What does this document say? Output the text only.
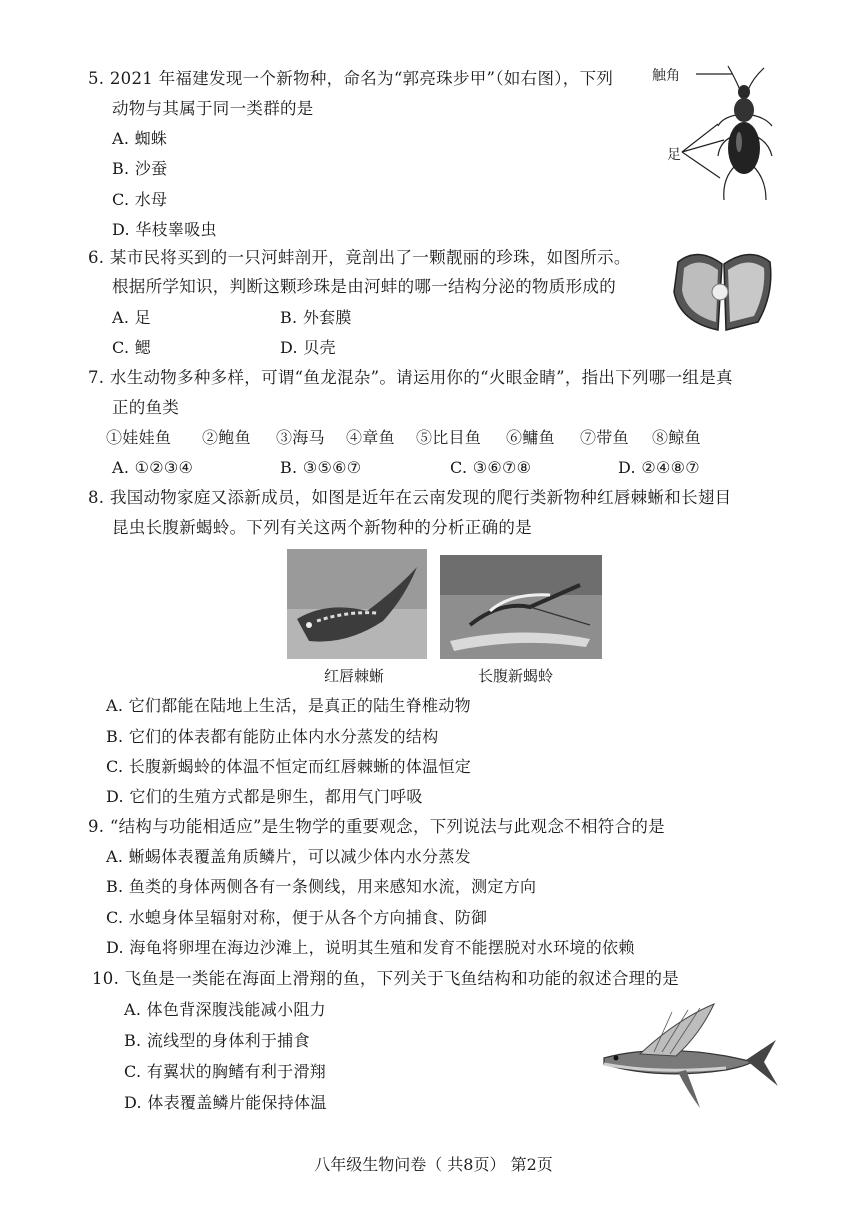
5. 2021 年福建发现一个新物种，命名为“郭亮珠步甲”（如右图），下列
动物与其属于同一类群的是
A. 蜘蛛
B. 沙蚕
C. 水母
D. 华枝睾吸虫
触角
足
6. 某市民将买到的一只河蚌剖开，竟剖出了一颗靓丽的珍珠，如图所示。
根据所学知识，判断这颗珍珠是由河蚌的哪一结构分泌的物质形成的
A. 足	B. 外套膜
C. 鳃	D. 贝壳
7. 水生动物多种多样，可谓“鱼龙混杂”。请运用你的“火眼金睛”，指出下列哪一组是真
正的鱼类
①娃娃鱼 ②鲍鱼 ③海马 ④章鱼 ⑤比目鱼 ⑥鳙鱼 ⑦带鱼 ⑧鲸鱼
A. ①②③④	B. ③⑤⑥⑦	C. ③⑥⑦⑧	D. ②④⑧⑦
8. 我国动物家庭又添新成员，如图是近年在云南发现的爬行类新物种红唇棘蜥和长翅目
昆虫长腹新蝎蛉。下列有关这两个新物种的分析正确的是
红唇棘蜥	长腹新蝎蛉
A. 它们都能在陆地上生活，是真正的陆生脊椎动物
B. 它们的体表都有能防止体内水分蒸发的结构
C. 长腹新蝎蛉的体温不恒定而红唇棘蜥的体温恒定
D. 它们的生殖方式都是卵生，都用气门呼吸
9. “结构与功能相适应”是生物学的重要观念，下列说法与此观念不相符合的是
A. 蜥蜴体表覆盖角质鳞片，可以减少体内水分蒸发
B. 鱼类的身体两侧各有一条侧线，用来感知水流，测定方向
C. 水螅身体呈辐射对称，便于从各个方向捕食、防御
D. 海龟将卵埋在海边沙滩上，说明其生殖和发育不能摆脱对水环境的依赖
10. 飞鱼是一类能在海面上滑翔的鱼，下列关于飞鱼结构和功能的叙述合理的是
A. 体色背深腹浅能减小阻力
B. 流线型的身体利于捕食
C. 有翼状的胸鳍有利于滑翔
D. 体表覆盖鳞片能保持体温
八年级生物问卷（ 共8页） 第2页
